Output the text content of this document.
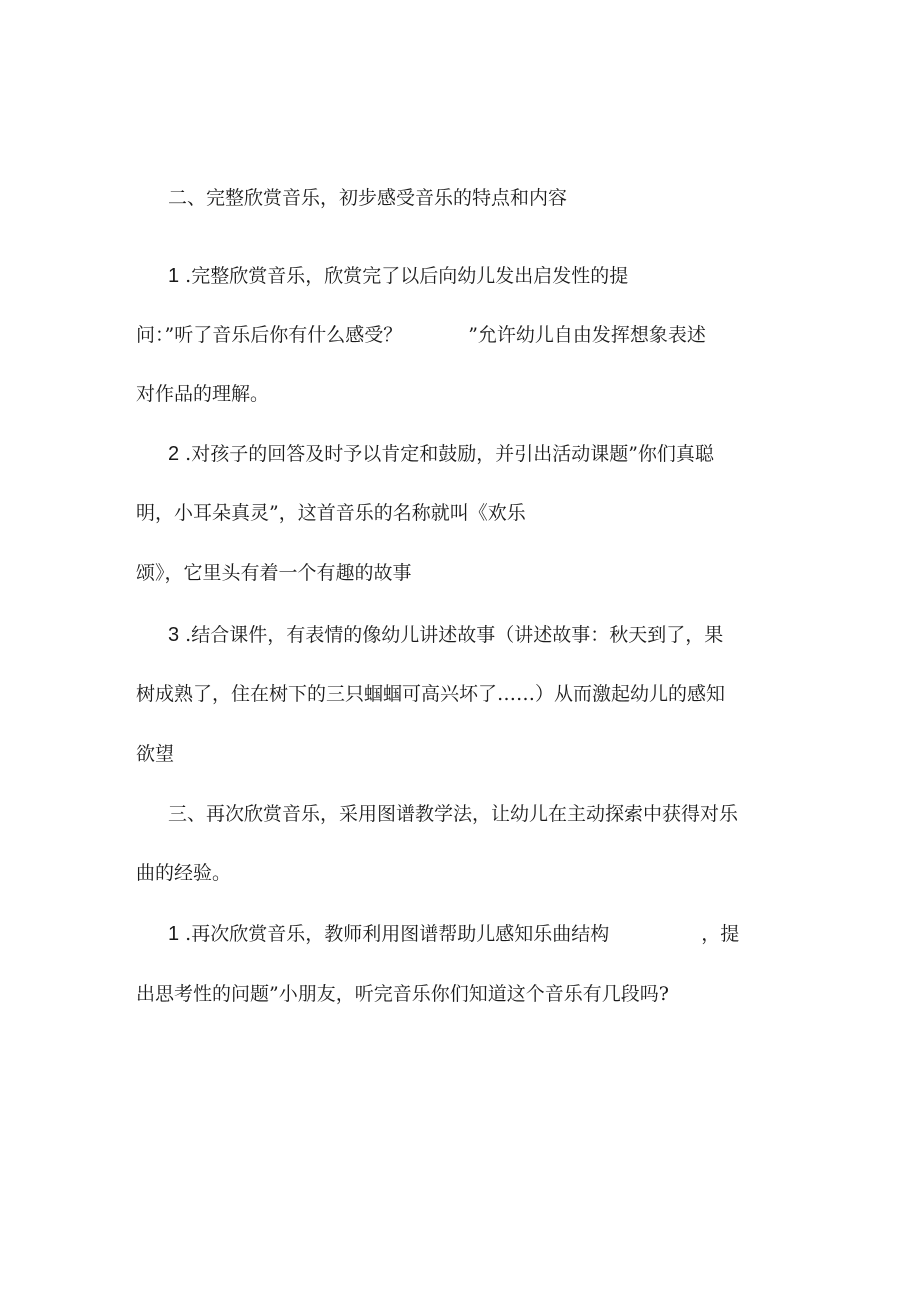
二、完整欣赏音乐，初步感受音乐的特点和内容
1 .完整欣赏音乐，欣赏完了以后向幼儿发出启发性的提
问：”听了音乐后你有什么感受？	”允许幼儿自由发挥想象表述
对作品的理解。
2 .对孩子的回答及时予以肯定和鼓励，并引出活动课题”你们真聪
明，小耳朵真灵”，这首音乐的名称就叫《欢乐
颂》，它里头有着一个有趣的故事
3 .结合课件，有表情的像幼儿讲述故事（讲述故事：秋天到了，果
树成熟了，住在树下的三只蝈蝈可高兴坏了……）从而激起幼儿的感知
欲望
三、再次欣赏音乐，采用图谱教学法，让幼儿在主动探索中获得对乐
曲的经验。
1 .再次欣赏音乐，教师利用图谱帮助儿感知乐曲结构	，提
出思考性的问题”小朋友，听完音乐你们知道这个音乐有几段吗?
